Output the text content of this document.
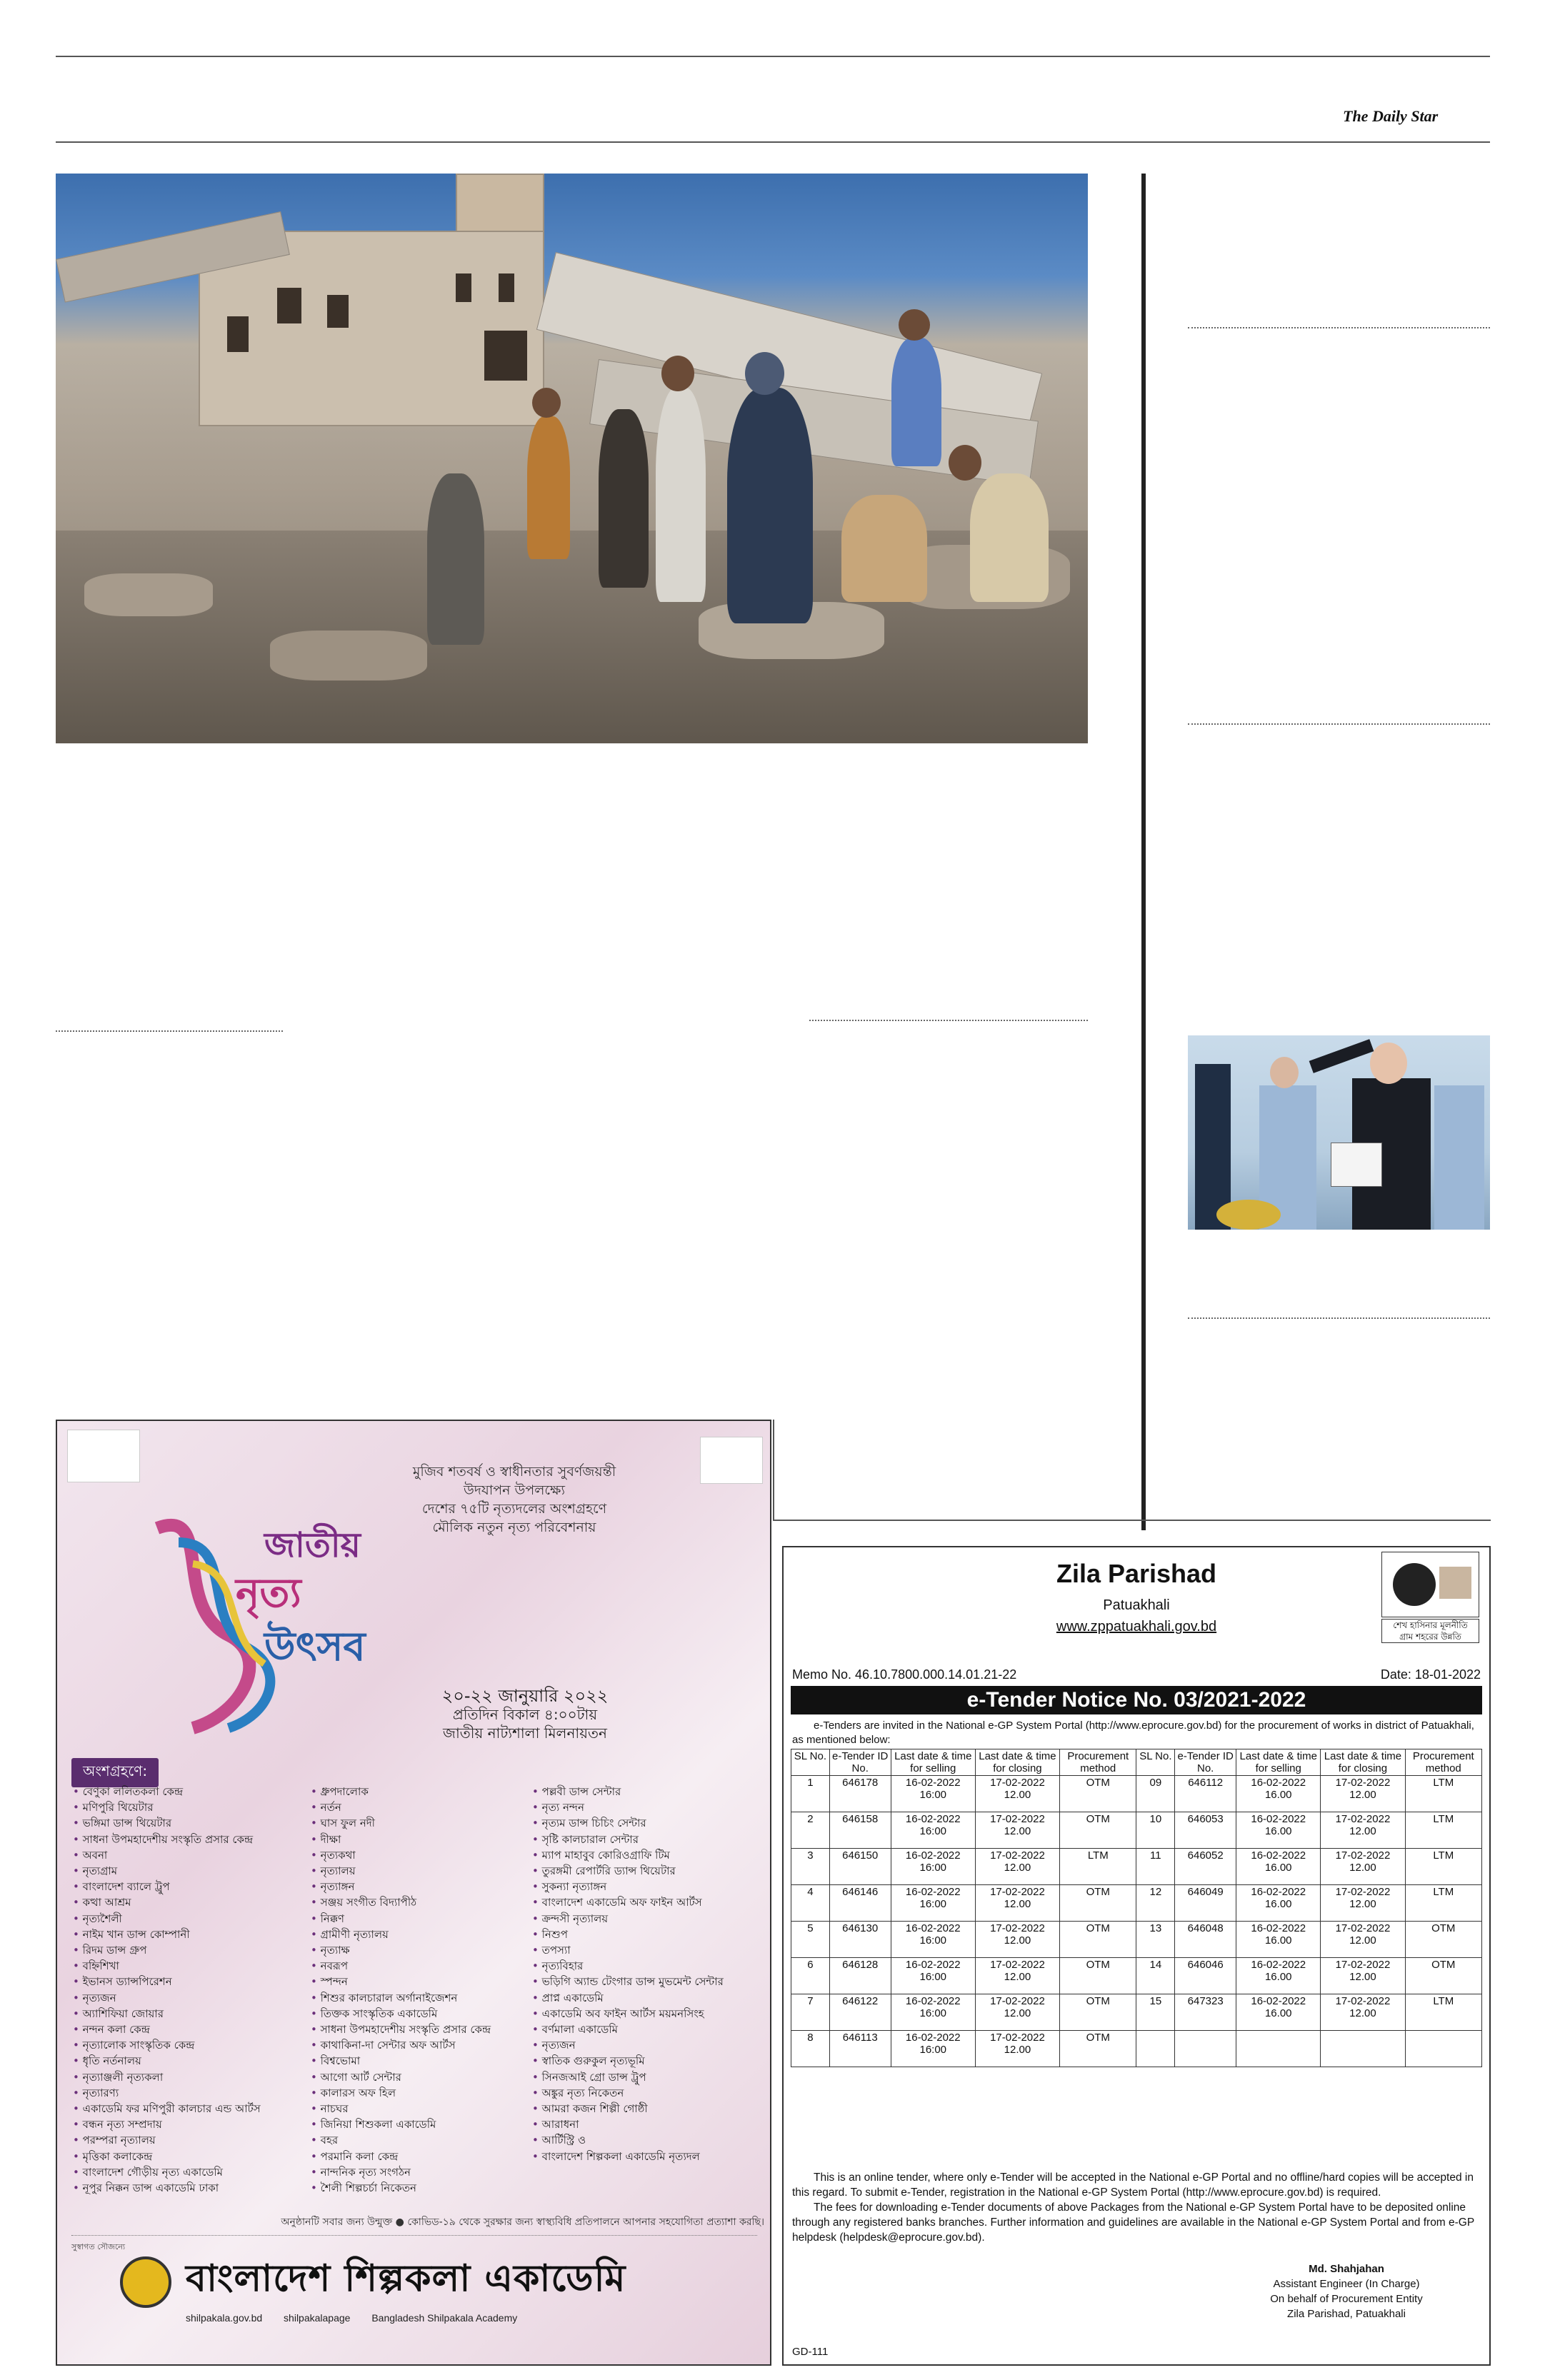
The Daily Star
মুজিব শতবর্ষ ও স্বাধীনতার সুবর্ণজয়ন্তী
উদযাপন উপলক্ষ্যে
দেশের ৭৫টি নৃত্যদলের অংশগ্রহণে
মৌলিক নতুন নৃত্য পরিবেশনায়
জাতীয়
নৃত্য
উৎসব
২০-২২ জানুয়ারি ২০২২
প্রতিদিন বিকাল ৪:০০টায়
জাতীয় নাট্যশালা মিলনায়তন
অংশগ্রহণে:
• বেণুকা ললিতকলা কেন্দ্র
• মণিপুরি থিয়েটার
• ভঙ্গিমা ডান্স থিয়েটার
• সাধনা উপমহাদেশীয় সংস্কৃতি প্রসার কেন্দ্র
• অবনা
• নৃত্যগ্রাম
• বাংলাদেশ ব্যালে ট্রুপ
• কত্থা আশ্রম
• নৃত্যশৈলী
• নাইম খান ডান্স কোম্পানী
• রিদম ডান্স গ্রুপ
• বহ্নিশিখা
• ইভানস ড্যান্সপিরেশন
• নৃত্যজন
• অ্যাশিফিয়া জোয়ার
• নন্দন কলা কেন্দ্র
• নৃত্যালোক সাংস্কৃতিক কেন্দ্র
• ধৃতি নর্তনালয়
• নৃত্যাঞ্জলী নৃত্যকলা
• নৃত্যারণ্য
• একাডেমি ফর মণিপুরী কালচার এন্ড আর্টস
• বন্ধন নৃত্য সম্প্রদায়
• পরম্পরা নৃত্যালয়
• মৃত্তিকা কলাকেন্দ্র
• বাংলাদেশ গৌড়ীয় নৃত্য একাডেমি
• নূপুর নিক্কন ডান্স একাডেমি ঢাকা
• ধ্রুপদালোক
• নর্তন
• ঘাস ফুল নদী
• দীক্ষা
• নৃত্যকথা
• নৃত্যালয়
• নৃত্যাঙ্গন
• সঞ্জয় সংগীত বিদ্যাপীঠ
• নিক্কণ
• গ্রামীণী নৃত্যালয়
• নৃত্যাক্ষ
• নবরূপ
• স্পন্দন
• শিশুর কালচারাল অর্গানাইজেশন
• তিক্তক সাংস্কৃতিক একাডেমি
• সাধনা উপমহাদেশীয় সংস্কৃতি প্রসার কেন্দ্র
• কাথাকিনা-দা সেন্টার অফ আর্টস
• বিশ্বভোমা
• আগো আর্ট সেন্টার
• কালারস অফ হিল
• নাচঘর
• জিনিয়া শিশুকলা একাডেমি
• বহর
• পরমানি কলা কেন্দ্র
• নান্দনিক নৃত্য সংগঠন
• শৈলী শিল্পচর্চা নিকেতন
• পল্লবী ডান্স সেন্টার
• নৃত্য নন্দন
• নৃত্যম ডান্স চিচিং সেন্টার
• সৃষ্টি কালচারাল সেন্টার
• ম্যাপ মাহাবুব কোরিওগ্রাফি টিম
• তুরঙ্গমী রেপার্টরি ড্যান্স থিয়েটার
• সুকন্যা নৃত্যাঙ্গন
• বাংলাদেশ একাডেমি অফ ফাইন আর্টস
• ক্রন্দসী নৃত্যালয়
• নিশুপ
• তপস্যা
• নৃত্যবিহার
• ভড়িগি অ্যান্ড টেংগার ডান্স মুভমেন্ট সেন্টার
• প্রাপ্ন একাডেমি
• একাডেমি অব ফাইন আর্টস ময়মনসিংহ
• বর্ণমালা একাডেমি
• নৃত্যজন
• স্বাতিক গুরুকুল নৃত্যভূমি
• সিনজআই গ্রো ডান্স ট্রুপ
• অঙ্কুর নৃত্য নিকেতন
• আমরা কজন শিল্পী গোষ্ঠী
• আরাধনা
• আর্টিস্ট্রি ও
• বাংলাদেশ শিল্পকলা একাডেমি নৃত্যদল
অনুষ্ঠানটি সবার জন্য উন্মুক্ত ● কোভিড-১৯ থেকে সুরক্ষার জন্য স্বাস্থ্যবিধি প্রতিপালনে আপনার সহযোগিতা প্রত্যাশা করছি।
সুস্বাগত সৌজন্যে
বাংলাদেশ শিল্পকলা একাডেমি
shilpakala.gov.bd shilpakalapage Bangladesh Shilpakala Academy
Zila Parishad
Patuakhali
www.zppatuakhali.gov.bd	শেখ হাসিনার মূলনীতি
গ্রাম শহরের উন্নতি
Memo No. 46.10.7800.000.14.01.21-22	Date: 18-01-2022
e-Tender Notice No. 03/2021-2022
e-Tenders are invited in the National e-GP System Portal (http://www.eprocure.gov.bd) for the procurement of works in district of Patuakhali, as mentioned below:
SL No.	e-Tender ID No.	Last date & time for selling	Last date & time for closing	Procurement method	SL No.	e-Tender ID No.	Last date & time for selling	Last date & time for closing	Procurement method
1	646178	16-02-2022 16:00	17-02-2022 12.00	OTM	09	646112	16-02-2022 16.00	17-02-2022 12.00	LTM
2	646158	16-02-2022 16:00	17-02-2022 12.00	OTM	10	646053	16-02-2022 16.00	17-02-2022 12.00	LTM
3	646150	16-02-2022 16:00	17-02-2022 12.00	LTM	11	646052	16-02-2022 16.00	17-02-2022 12.00	LTM
4	646146	16-02-2022 16:00	17-02-2022 12.00	OTM	12	646049	16-02-2022 16.00	17-02-2022 12.00	LTM
5	646130	16-02-2022 16:00	17-02-2022 12.00	OTM	13	646048	16-02-2022 16.00	17-02-2022 12.00	OTM
6	646128	16-02-2022 16:00	17-02-2022 12.00	OTM	14	646046	16-02-2022 16.00	17-02-2022 12.00	OTM
7	646122	16-02-2022 16:00	17-02-2022 12.00	OTM	15	647323	16-02-2022 16.00	17-02-2022 12.00	LTM
8	646113	16-02-2022 16:00	17-02-2022 12.00	OTM					

This is an online tender, where only e-Tender will be accepted in the National e-GP Portal and no offline/hard copies will be accepted in this regard. To submit e-Tender, registration in the National e-GP System Portal (http://www.eprocure.gov.bd) is required.

The fees for downloading e-Tender documents of above Packages from the National e-GP System Portal have to be deposited online through any registered banks branches. Further information and guidelines are available in the National e-GP System Portal and from e-GP helpdesk (helpdesk@eprocure.gov.bd).

Md. Shahjahan
Assistant Engineer (In Charge)
On behalf of Procurement Entity
Zila Parishad, Patuakhali
GD-111
